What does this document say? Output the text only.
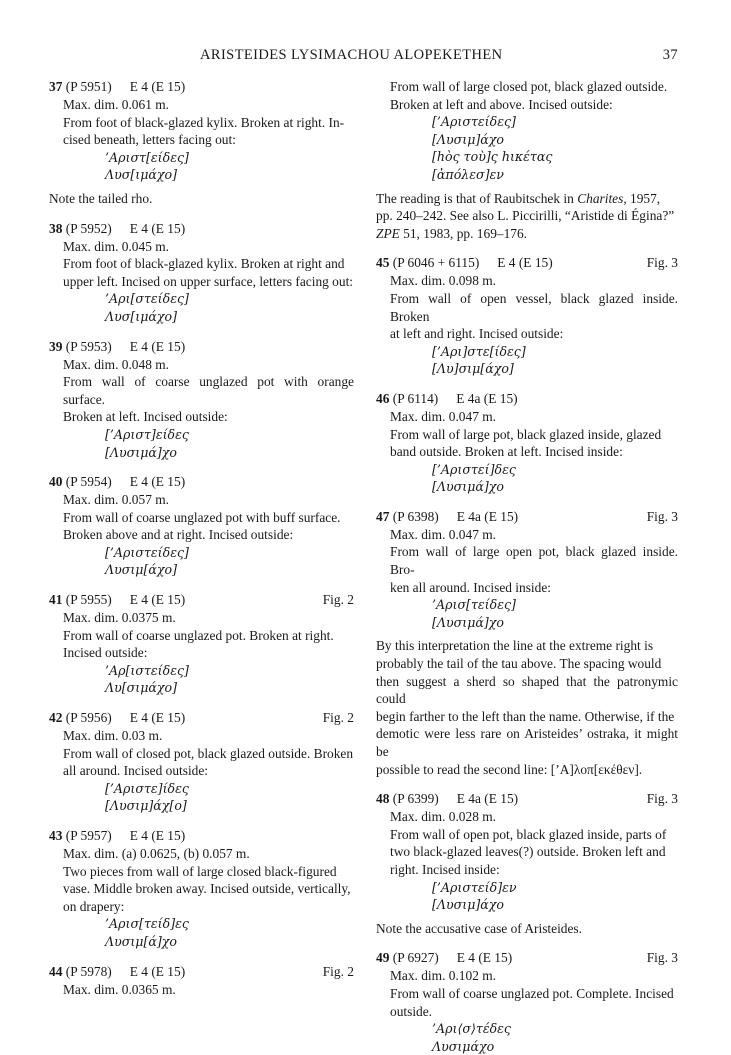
ARISTEIDES LYSIMACHOU ALOPEKETHEN	37
37 (P 5951) E 4 (E 15)
Max. dim. 0.061 m.
From foot of black-glazed kylix. Broken at right. In-
cised beneath, letters facing out:
’Αριστ[είδες]
Λυσ[ιμάχο]
Note the tailed rho.
38 (P 5952) E 4 (E 15)
Max. dim. 0.045 m.
From foot of black-glazed kylix. Broken at right and
upper left. Incised on upper surface, letters facing out:
’Αρι[στείδες]
Λυσ[ιμάχο]
39 (P 5953) E 4 (E 15)
Max. dim. 0.048 m.
From wall of coarse unglazed pot with orange surface.
Broken at left. Incised outside:
[’Αριστ]είδες
[Λυσιμά]χο
40 (P 5954) E 4 (E 15)
Max. dim. 0.057 m.
From wall of coarse unglazed pot with buff surface.
Broken above and at right. Incised outside:
[’Αριστείδες]
Λυσιμ[άχο]
41 (P 5955) E 4 (E 15)	Fig. 2
Max. dim. 0.0375 m.
From wall of coarse unglazed pot. Broken at right.
Incised outside:
’Αρ[ιστείδες]
Λυ[σιμάχο]
42 (P 5956) E 4 (E 15)	Fig. 2
Max. dim. 0.03 m.
From wall of closed pot, black glazed outside. Broken
all around. Incised outside:
[’Αριστε]ίδες
[Λυσιμ]άχ[ο]
43 (P 5957) E 4 (E 15)
Max. dim. (a) 0.0625, (b) 0.057 m.
Two pieces from wall of large closed black-figured
vase. Middle broken away. Incised outside, vertically,
on drapery:
’Αρισ[τείδ]ες
Λυσιμ[ά]χο
44 (P 5978) E 4 (E 15)	Fig. 2
Max. dim. 0.0365 m.
From wall of large closed pot, black glazed outside.
Broken at left and above. Incised outside:
[’Αριστείδες]
[Λυσιμ]άχο
[hòς τοὺ]ς hικέτας
[ἀπόλεσ]εν
The reading is that of Raubitschek in Charites, 1957,
pp. 240–242. See also L. Piccirilli, “Aristide di Égina?”
ZPE 51, 1983, pp. 169–176.
45 (P 6046 + 6115) E 4 (E 15)	Fig. 3
Max. dim. 0.098 m.
From wall of open vessel, black glazed inside. Broken
at left and right. Incised outside:
[’Αρι]στε[ίδες]
[Λυ]σιμ[άχο]
46 (P 6114) E 4a (E 15)
Max. dim. 0.047 m.
From wall of large pot, black glazed inside, glazed
band outside. Broken at left. Incised inside:
[’Αριστεί]δες
[Λυσιμά]χο
47 (P 6398) E 4a (E 15)	Fig. 3
Max. dim. 0.047 m.
From wall of large open pot, black glazed inside. Bro-
ken all around. Incised inside:
’Αρισ[τείδες]
[Λυσιμά]χο
By this interpretation the line at the extreme right is
probably the tail of the tau above. The spacing would
then suggest a sherd so shaped that the patronymic could
begin farther to the left than the name. Otherwise, if the
demotic were less rare on Aristeides’ ostraka, it might be
possible to read the second line: [’Α]λοπ[εκέθεν].
48 (P 6399) E 4a (E 15)	Fig. 3
Max. dim. 0.028 m.
From wall of open pot, black glazed inside, parts of
two black-glazed leaves(?) outside. Broken left and
right. Incised inside:
[’Αριστείδ]εν
[Λυσιμ]άχο
Note the accusative case of Aristeides.
49 (P 6927) E 4 (E 15)	Fig. 3
Max. dim. 0.102 m.
From wall of coarse unglazed pot. Complete. Incised
outside.
’Αρι⟨σ⟩τέδες
Λυσιμάχο
